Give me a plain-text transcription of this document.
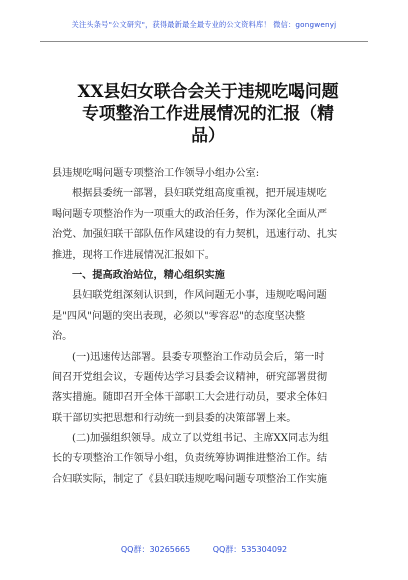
关注头条号"公文研究"，获得最新最全最专业的公文资料库！ 微信：gongwenyj
XX县妇女联合会关于违规吃喝问题
专项整治工作进展情况的汇报（精
品）
县违规吃喝问题专项整治工作领导小组办公室:
根据县委统一部署，县妇联党组高度重视，把开展违规吃
喝问题专项整治作为一项重大的政治任务，作为深化全面从严
治党、加强妇联干部队伍作风建设的有力契机，迅速行动、扎实
推进，现将工作进展情况汇报如下。
一、提高政治站位，精心组织实施
县妇联党组深刻认识到，作风问题无小事，违规吃喝问题
是"四风"问题的突出表现，必须以"零容忍"的态度坚决整
治。
(一)迅速传达部署。县委专项整治工作动员会后，第一时
间召开党组会议，专题传达学习县委会议精神，研究部署贯彻
落实措施。随即召开全体干部职工大会进行动员，要求全体妇
联干部切实把思想和行动统一到县委的决策部署上来。
(二)加强组织领导。成立了以党组书记、主席XX同志为组
长的专项整治工作领导小组，负责统筹协调推进整治工作。结
合妇联实际，制定了《县妇联违规吃喝问题专项整治工作实施
QQ群：30265665	QQ群：535304092
